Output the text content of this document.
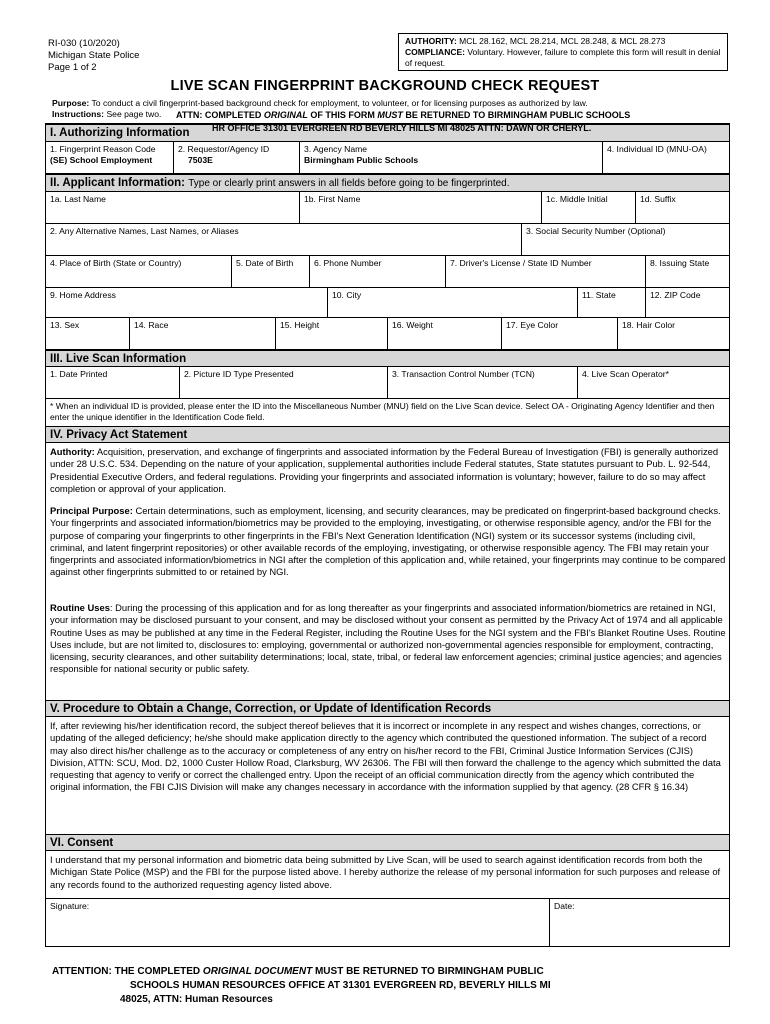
RI-030 (10/2020)
Michigan State Police
Page 1 of 2
AUTHORITY: MCL 28.162, MCL 28.214, MCL 28.248, & MCL 28.273
COMPLIANCE: Voluntary. However, failure to complete this form will result in denial of request.
LIVE SCAN FINGERPRINT BACKGROUND CHECK REQUEST
Purpose: To conduct a civil fingerprint-based background check for employment, to volunteer, or for licensing purposes as authorized by law.
Instructions: See page two.
I. Authorizing Information
ATTN: COMPLETED ORIGINAL OF THIS FORM MUST BE RETURNED TO BIRMINGHAM PUBLIC SCHOOLS
HR OFFICE 31301 EVERGREEN RD BEVERLY HILLS MI 48025 ATTN: DAWN OR CHERYL.
1. Fingerprint Reason Code
(SE) School Employment
2. Requestor/Agency ID
7503E
3. Agency Name
Birmingham Public Schools
4. Individual ID (MNU-OA)
II. Applicant Information: Type or clearly print answers in all fields before going to be fingerprinted.
1a. Last Name	1b. First Name	1c. Middle Initial	1d. Suffix
2. Any Alternative Names, Last Names, or Aliases	3. Social Security Number (Optional)
4. Place of Birth (State or Country)	5. Date of Birth	6. Phone Number	7. Driver's License / State ID Number	8. Issuing State
9. Home Address	10. City	11. State	12. ZIP Code
13. Sex	14. Race	15. Height	16. Weight	17. Eye Color	18. Hair Color
III. Live Scan Information
1. Date Printed	2. Picture ID Type Presented	3. Transaction Control Number (TCN)	4. Live Scan Operator*
* When an individual ID is provided, please enter the ID into the Miscellaneous Number (MNU) field on the Live Scan device. Select OA - Originating Agency Identifier and then enter the unique identifier in the Identification Code field.
IV. Privacy Act Statement
Authority: Acquisition, preservation, and exchange of fingerprints and associated information by the Federal Bureau of Investigation (FBI) is generally authorized under 28 U.S.C. 534. Depending on the nature of your application, supplemental authorities include Federal statutes, State statutes pursuant to Pub. L. 92-544, Presidential Executive Orders, and federal regulations. Providing your fingerprints and associated information is voluntary; however, failure to do so may affect completion or approval of your application.
Principal Purpose: Certain determinations, such as employment, licensing, and security clearances, may be predicated on fingerprint-based background checks. Your fingerprints and associated information/biometrics may be provided to the employing, investigating, or otherwise responsible agency, and/or the FBI for the purpose of comparing your fingerprints to other fingerprints in the FBI's Next Generation Identification (NGI) system or its successor systems (including civil, criminal, and latent fingerprint repositories) or other available records of the employing, investigating, or otherwise responsible agency. The FBI may retain your fingerprints and associated information/biometrics in NGI after the completion of this application and, while retained, your fingerprints may continue to be compared against other fingerprints submitted to or retained by NGI.
Routine Uses: During the processing of this application and for as long thereafter as your fingerprints and associated information/biometrics are retained in NGI, your information may be disclosed pursuant to your consent, and may be disclosed without your consent as permitted by the Privacy Act of 1974 and all applicable Routine Uses as may be published at any time in the Federal Register, including the Routine Uses for the NGI system and the FBI's Blanket Routine Uses. Routine Uses include, but are not limited to, disclosures to: employing, governmental or authorized non-governmental agencies responsible for employment, contracting, licensing, security clearances, and other suitability determinations; local, state, tribal, or federal law enforcement agencies; criminal justice agencies; and agencies responsible for national security or public safety.
V. Procedure to Obtain a Change, Correction, or Update of Identification Records
If, after reviewing his/her identification record, the subject thereof believes that it is incorrect or incomplete in any respect and wishes changes, corrections, or updating of the alleged deficiency; he/she should make application directly to the agency which contributed the questioned information. The subject of a record may also direct his/her challenge as to the accuracy or completeness of any entry on his/her record to the FBI, Criminal Justice Information Services (CJIS) Division, ATTN: SCU, Mod. D2, 1000 Custer Hollow Road, Clarksburg, WV 26306. The FBI will then forward the challenge to the agency which submitted the data requesting that agency to verify or correct the challenged entry. Upon the receipt of an official communication directly from the agency which contributed the original information, the FBI CJIS Division will make any changes necessary in accordance with the information supplied by that agency. (28 CFR § 16.34)
VI. Consent
I understand that my personal information and biometric data being submitted by Live Scan, will be used to search against identification records from both the Michigan State Police (MSP) and the FBI for the purpose listed above. I hereby authorize the release of my personal information for such purposes and release of any records found to the authorized requesting agency listed above.
Signature:	Date:
ATTENTION: THE COMPLETED ORIGINAL DOCUMENT MUST BE RETURNED TO BIRMINGHAM PUBLIC
SCHOOLS HUMAN RESOURCES OFFICE AT 31301 EVERGREEN RD, BEVERLY HILLS MI
48025, ATTN: Human Resources
